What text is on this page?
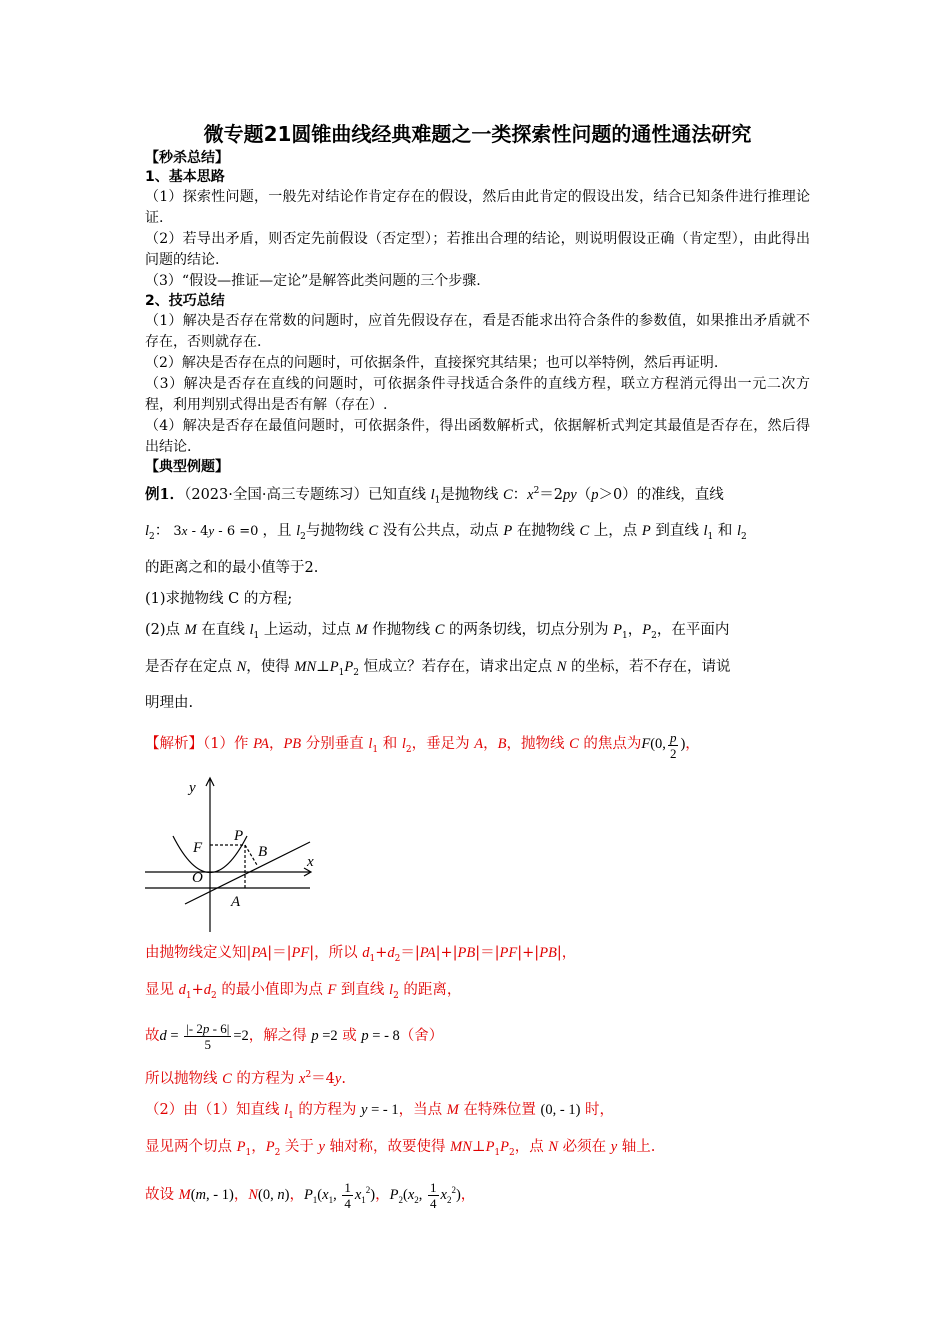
微专题21圆锥曲线经典难题之一类探索性问题的通性通法研究
【秒杀总结】
1、基本思路
（1）探索性问题，一般先对结论作肯定存在的假设，然后由此肯定的假设出发，结合已知条件进行推理论证.
（2）若导出矛盾，则否定先前假设（否定型）；若推出合理的结论，则说明假设正确（肯定型），由此得出问题的结论.
（3）“假设—推证—定论”是解答此类问题的三个步骤.
2、技巧总结
（1）解决是否存在常数的问题时，应首先假设存在，看是否能求出符合条件的参数值，如果推出矛盾就不存在，否则就存在.
（2）解决是否存在点的问题时，可依据条件，直接探究其结果；也可以举特例，然后再证明.
（3）解决是否存在直线的问题时，可依据条件寻找适合条件的直线方程，联立方程消元得出一元二次方程，利用判别式得出是否有解（存在）.
（4）解决是否存在最值问题时，可依据条件，得出函数解析式，依据解析式判定其最值是否存在，然后得出结论.
【典型例题】
例1．（2023·全国·高三专题练习）已知直线 $l_1$是抛物线 C：$x^2=2py(p>0)$的准线，直线
$l_2$： 3x - 4y - 6 =0 ，且 $l_2$与抛物线 C 没有公共点，动点 P 在抛物线 C 上，点 P 到直线 $l_1$ 和 $l_2$
的距离之和的最小值等于2.
(1)求抛物线 C 的方程;
(2)点 M 在直线 $l_1$ 上运动，过点 M 作抛物线 C 的两条切线，切点分别为 $P_1$，$P_2$，在平面内
是否存在定点 N，使得 $MN\perp P_1P_2$ 恒成立？若存在，请求出定点 N 的坐标，若不存在，请说
明理由.
【解析】（1）作 PA，PB 分别垂直 $l_1$ 和 $l_2$，垂足为 A，B，抛物线 C 的焦点为F(0, $\frac{p}{2}$ )，
y
x
P
F	B
O
A
由抛物线定义知|PA|＝|PF|，所以 $d_1+d_2=|PA|+|PB|=|PF|+|PB|$，
显见 $d_1+d_2$ 的最小值即为点 F 到直线 $l_2$ 的距离，
故$d = \frac{|- 2p - 6|}{5} =2$，解之得 p =2 或 p = - 8（舍）
所以抛物线 C 的方程为 $x^2=4y$.
（2）由（1）知直线 $l_1$ 的方程为 y = - 1，当点 M 在特殊位置 (0, - 1) 时，
显见两个切点 $P_1$，$P_2$ 关于 y 轴对称，故要使得 $MN\perp P_1P_2$，点 N 必须在 y 轴上.
故设 M(m, - 1)，N(0, n)，$P_1(x_1$, $\frac{1}{4} x_1^2$)，$P_2(x_2$, $\frac{1}{4} x_2^2$)，
